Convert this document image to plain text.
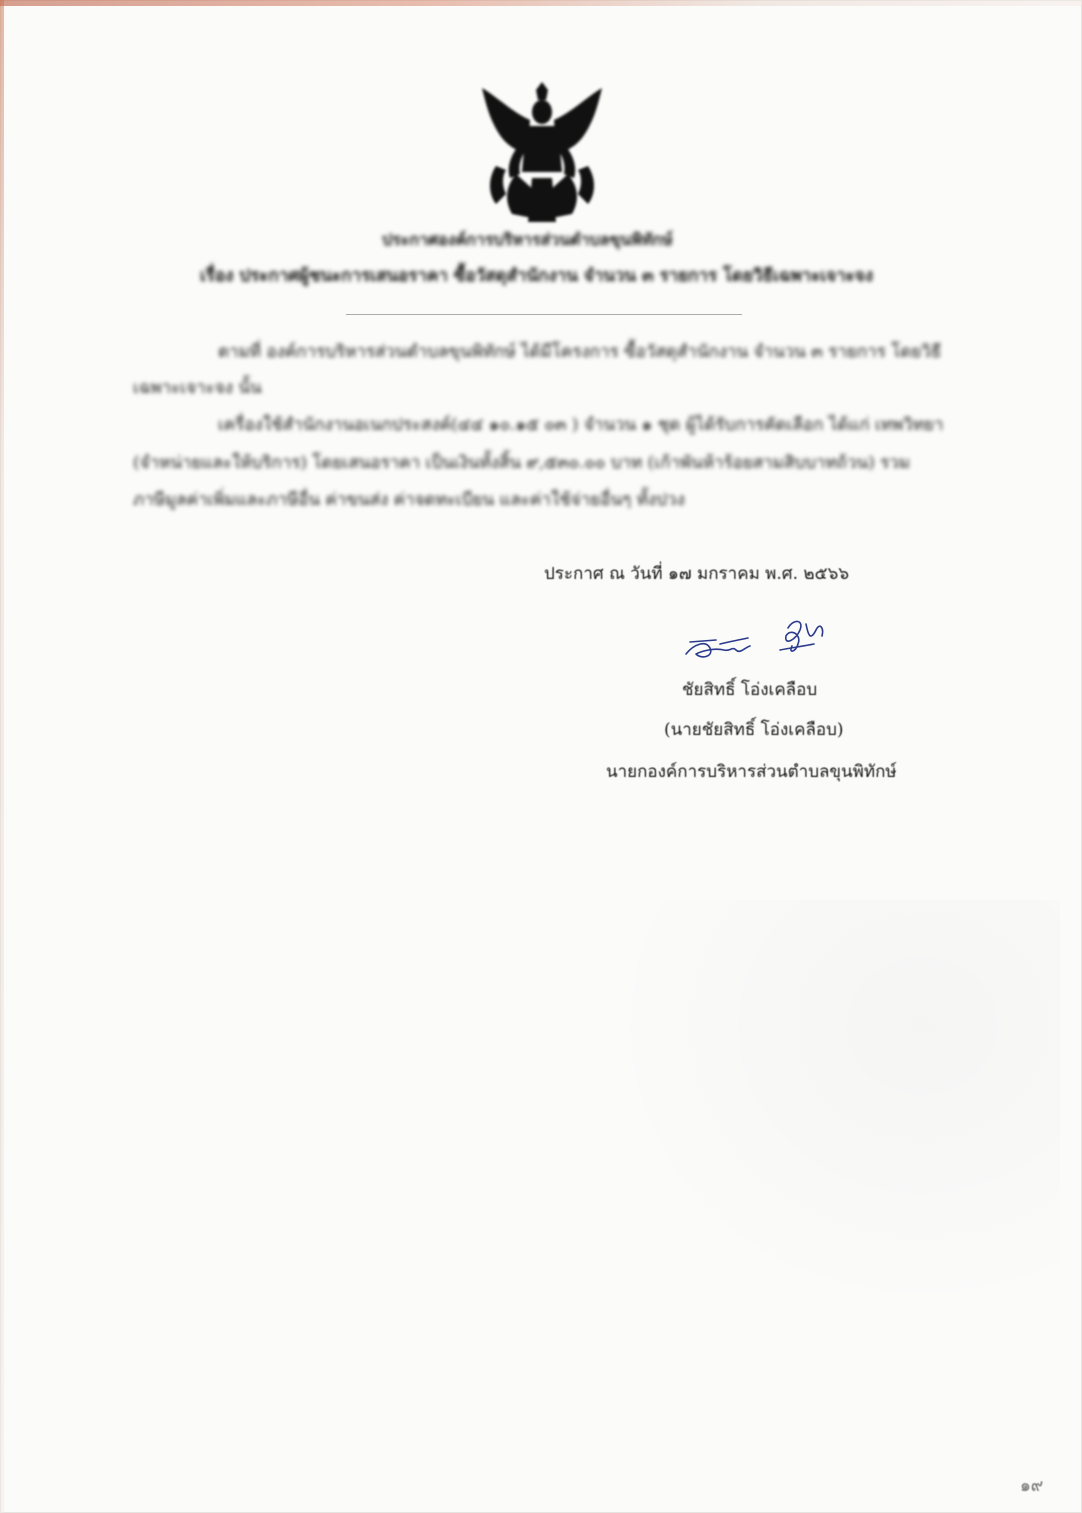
ประกาศองค์การบริหารส่วนตำบลขุนพิทักษ์
เรื่อง ประกาศผู้ชนะการเสนอราคา ซื้อวัสดุสำนักงาน จำนวน ๓ รายการ โดยวิธีเฉพาะเจาะจง
ตามที่ องค์การบริหารส่วนตำบลขุนพิทักษ์ ได้มีโครงการ ซื้อวัสดุสำนักงาน จำนวน ๓ รายการ โดยวิธี
เฉพาะเจาะจง นั้น
เครื่องใช้สำนักงานอเนกประสงค์(๔๔ ๑๐.๑๕ ๐๓ ) จำนวน ๑ ชุด ผู้ได้รับการคัดเลือก ได้แก่ เทพวิทยา
(จำหน่ายและให้บริการ) โดยเสนอราคา เป็นเงินทั้งสิ้น ๙,๕๓๐.๐๐ บาท (เก้าพันห้าร้อยสามสิบบาทถ้วน) รวม
ภาษีมูลค่าเพิ่มและภาษีอื่น ค่าขนส่ง ค่าจดทะเบียน และค่าใช้จ่ายอื่นๆ ทั้งปวง
ประกาศ ณ วันที่ ๑๗ มกราคม พ.ศ. ๒๕๖๖
ชัยสิทธิ์ โอ่งเคลือบ
(นายชัยสิทธิ์ โอ่งเคลือบ)
นายกองค์การบริหารส่วนตำบลขุนพิทักษ์
๑๙
